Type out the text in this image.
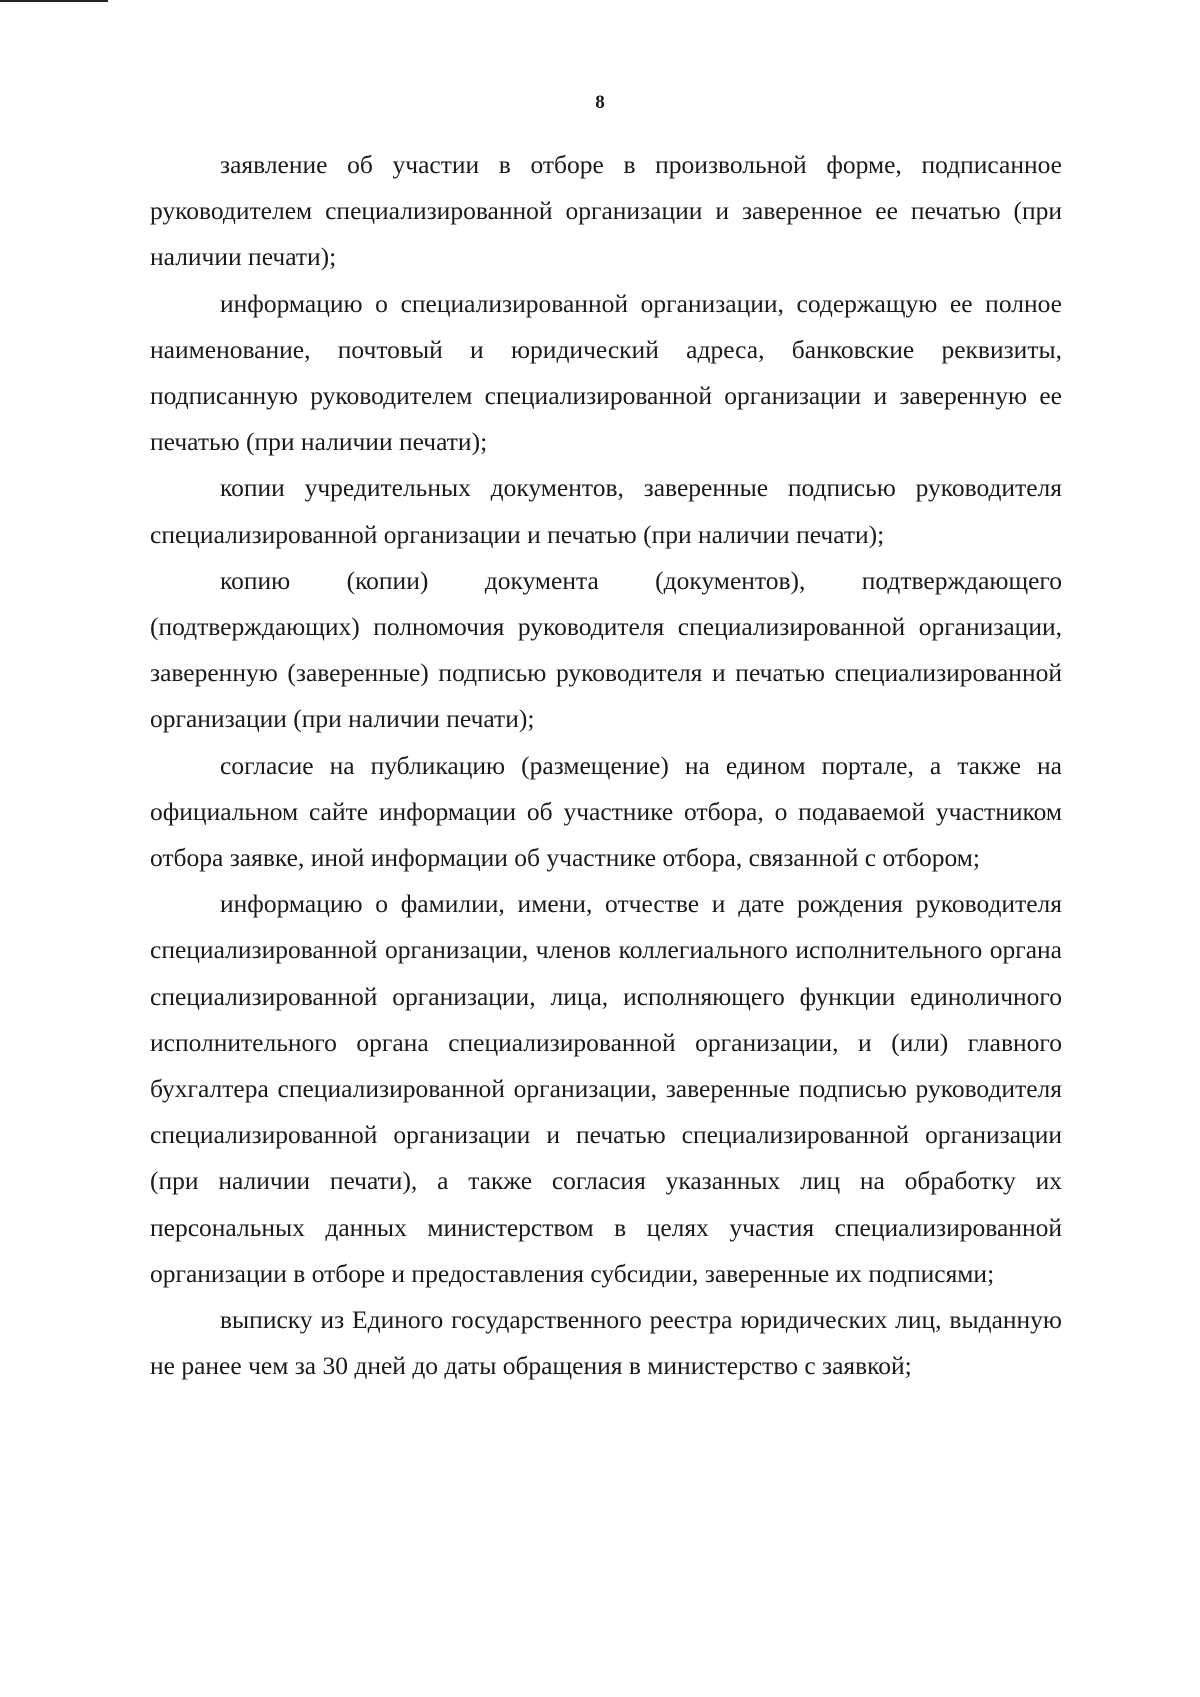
8

заявление об участии в отборе в произвольной форме, подписанное руководителем специализированной организации и заверенное ее печатью (при наличии печати);

информацию о специализированной организации, содержащую ее полное наименование, почтовый и юридический адреса, банковские реквизиты, подписанную руководителем специализированной организации и заверенную ее печатью (при наличии печати);

копии учредительных документов, заверенные подписью руководителя специализированной организации и печатью (при наличии печати);

копию (копии) документа (документов), подтверждающего (подтверждающих) полномочия руководителя специализированной организации, заверенную (заверенные) подписью руководителя и печатью специализированной организации (при наличии печати);

согласие на публикацию (размещение) на едином портале, а также на официальном сайте информации об участнике отбора, о подаваемой участником отбора заявке, иной информации об участнике отбора, связанной с отбором;

информацию о фамилии, имени, отчестве и дате рождения руководителя специализированной организации, членов коллегиального исполнительного органа специализированной организации, лица, исполняющего функции единоличного исполнительного органа специализированной организации, и (или) главного бухгалтера специализированной организации, заверенные подписью руководителя специализированной организации и печатью специализированной организации (при наличии печати), а также согласия указанных лиц на обработку их персональных данных министерством в целях участия специализированной организации в отборе и предоставления субсидии, заверенные их подписями;

выписку из Единого государственного реестра юридических лиц, выданную не ранее чем за 30 дней до даты обращения в министерство с заявкой;
